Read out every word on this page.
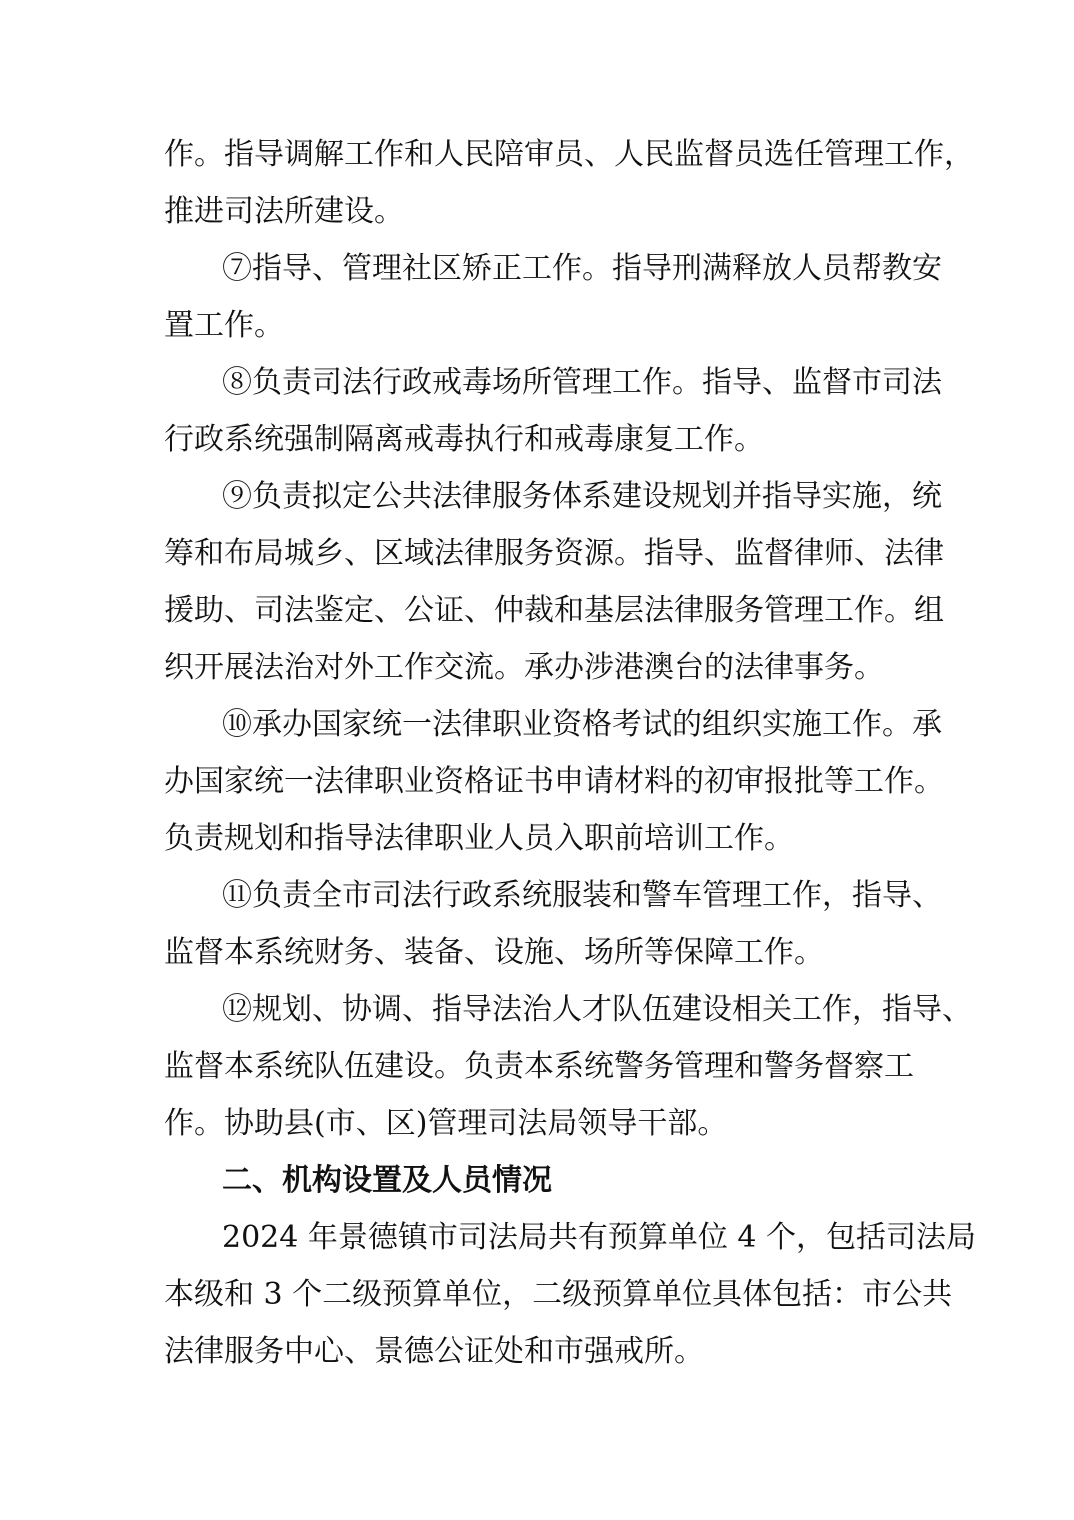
作。指导调解工作和人民陪审员、人民监督员选任管理工作，
推进司法所建设。
⑦指导、管理社区矫正工作。指导刑满释放人员帮教安
置工作。
⑧负责司法行政戒毒场所管理工作。指导、监督市司法
行政系统强制隔离戒毒执行和戒毒康复工作。
⑨负责拟定公共法律服务体系建设规划并指导实施，统
筹和布局城乡、区域法律服务资源。指导、监督律师、法律
援助、司法鉴定、公证、仲裁和基层法律服务管理工作。组
织开展法治对外工作交流。承办涉港澳台的法律事务。
⑩承办国家统一法律职业资格考试的组织实施工作。承
办国家统一法律职业资格证书申请材料的初审报批等工作。
负责规划和指导法律职业人员入职前培训工作。
⑪负责全市司法行政系统服装和警车管理工作，指导、
监督本系统财务、装备、设施、场所等保障工作。
⑫规划、协调、指导法治人才队伍建设相关工作，指导、
监督本系统队伍建设。负责本系统警务管理和警务督察工
作。协助县(市、区)管理司法局领导干部。
二、机构设置及人员情况
2024 年景德镇市司法局共有预算单位 4 个，包括司法局
本级和 3 个二级预算单位，二级预算单位具体包括：市公共
法律服务中心、景德公证处和市强戒所。
